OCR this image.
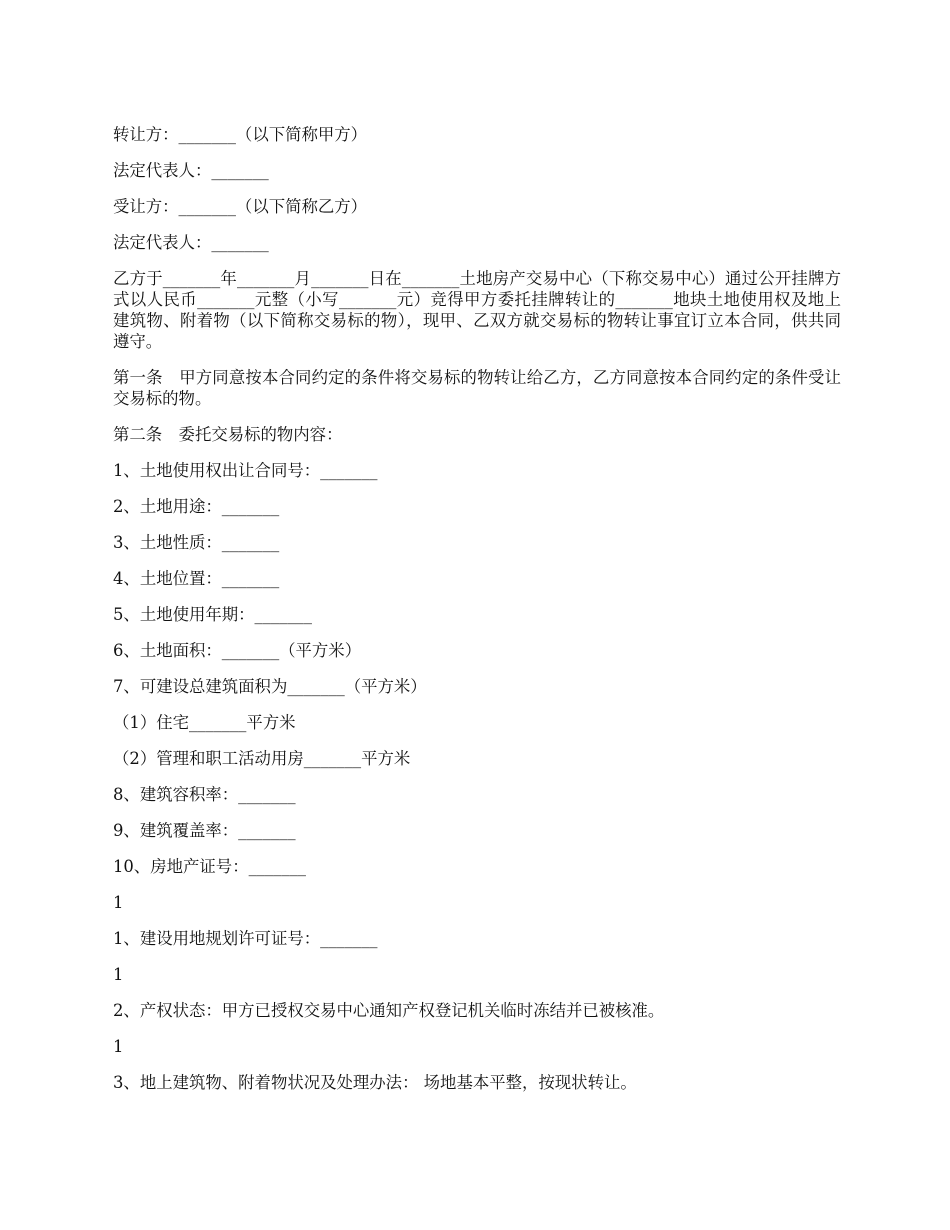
转让方：_______（以下简称甲方）

法定代表人：_______

受让方：_______（以下简称乙方）

法定代表人：_______

乙方于_______年_______月_______日在_______土地房产交易中心（下称交易中心）通过公开挂牌方式以人民币_______元整（小写_______元）竞得甲方委托挂牌转让的_______地块土地使用权及地上建筑物、附着物（以下简称交易标的物），现甲、乙双方就交易标的物转让事宜订立本合同，供共同遵守。

第一条　甲方同意按本合同约定的条件将交易标的物转让给乙方，乙方同意按本合同约定的条件受让交易标的物。

第二条　委托交易标的物内容：

1、土地使用权出让合同号：_______

2、土地用途：_______

3、土地性质：_______

4、土地位置：_______

5、土地使用年期：_______

6、土地面积：_______（平方米）

7、可建设总建筑面积为_______（平方米）

（1）住宅_______平方米

（2）管理和职工活动用房_______平方米

8、建筑容积率：_______

9、建筑覆盖率：_______

10、房地产证号：_______

1

1、建设用地规划许可证号：_______

1

2、产权状态：甲方已授权交易中心通知产权登记机关临时冻结并已被核准。

1

3、地上建筑物、附着物状况及处理办法： 场地基本平整，按现状转让。
